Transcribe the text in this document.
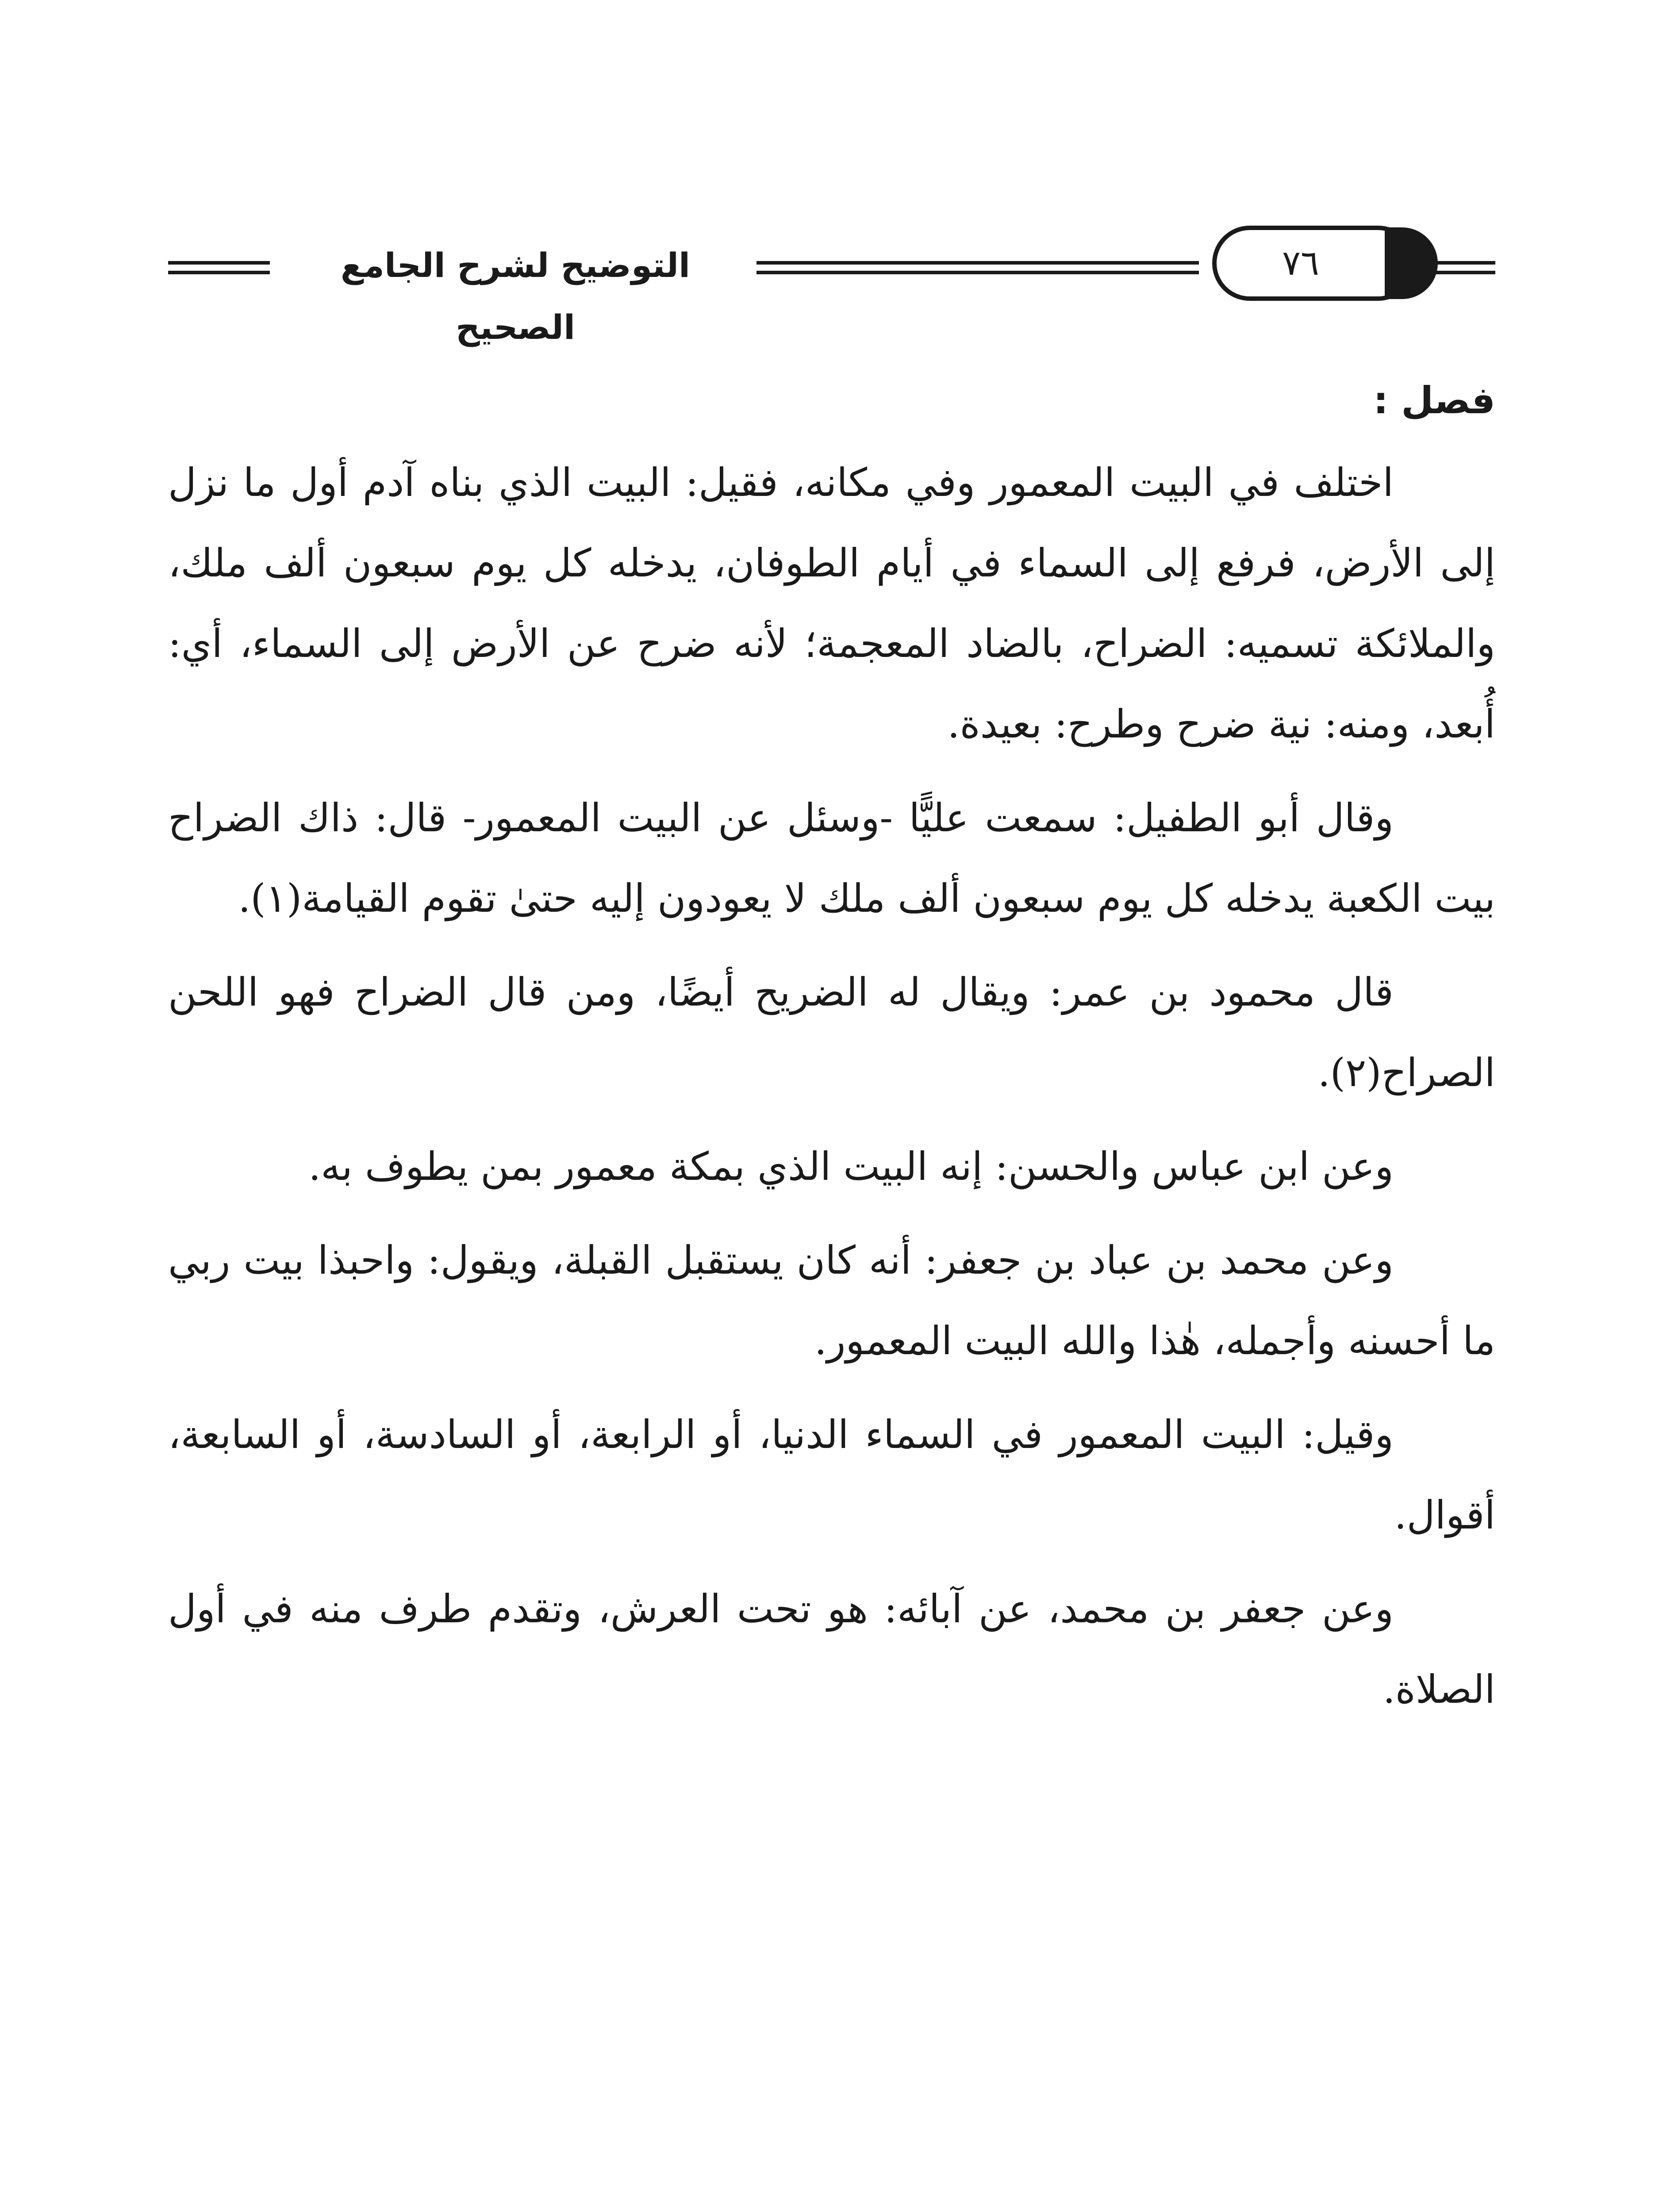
التوضيح لشرح الجامع الصحيح
٧٦
فصل :

اختلف في البيت المعمور وفي مكانه، فقيل: البيت الذي بناه آدم أول ما نزل إلى الأرض، فرفع إلى السماء في أيام الطوفان، يدخله كل يوم سبعون ألف ملك، والملائكة تسميه: الضراح، بالضاد المعجمة؛ لأنه ضرح عن الأرض إلى السماء، أي: أُبعد، ومنه: نية ضرح وطرح: بعيدة.

وقال أبو الطفيل: سمعت عليًّا -وسئل عن البيت المعمور- قال: ذاك الضراح بيت الكعبة يدخله كل يوم سبعون ألف ملك لا يعودون إليه حتىٰ تقوم القيامة(١).

قال محمود بن عمر: ويقال له الضريح أيضًا، ومن قال الضراح فهو اللحن الصراح(٢).

وعن ابن عباس والحسن: إنه البيت الذي بمكة معمور بمن يطوف به.

وعن محمد بن عباد بن جعفر: أنه كان يستقبل القبلة، ويقول: واحبذا بيت ربي ما أحسنه وأجمله، هٰذا والله البيت المعمور.

وقيل: البيت المعمور في السماء الدنيا، أو الرابعة، أو السادسة، أو السابعة، أقوال.

وعن جعفر بن محمد، عن آبائه: هو تحت العرش، وتقدم طرف منه في أول الصلاة.
